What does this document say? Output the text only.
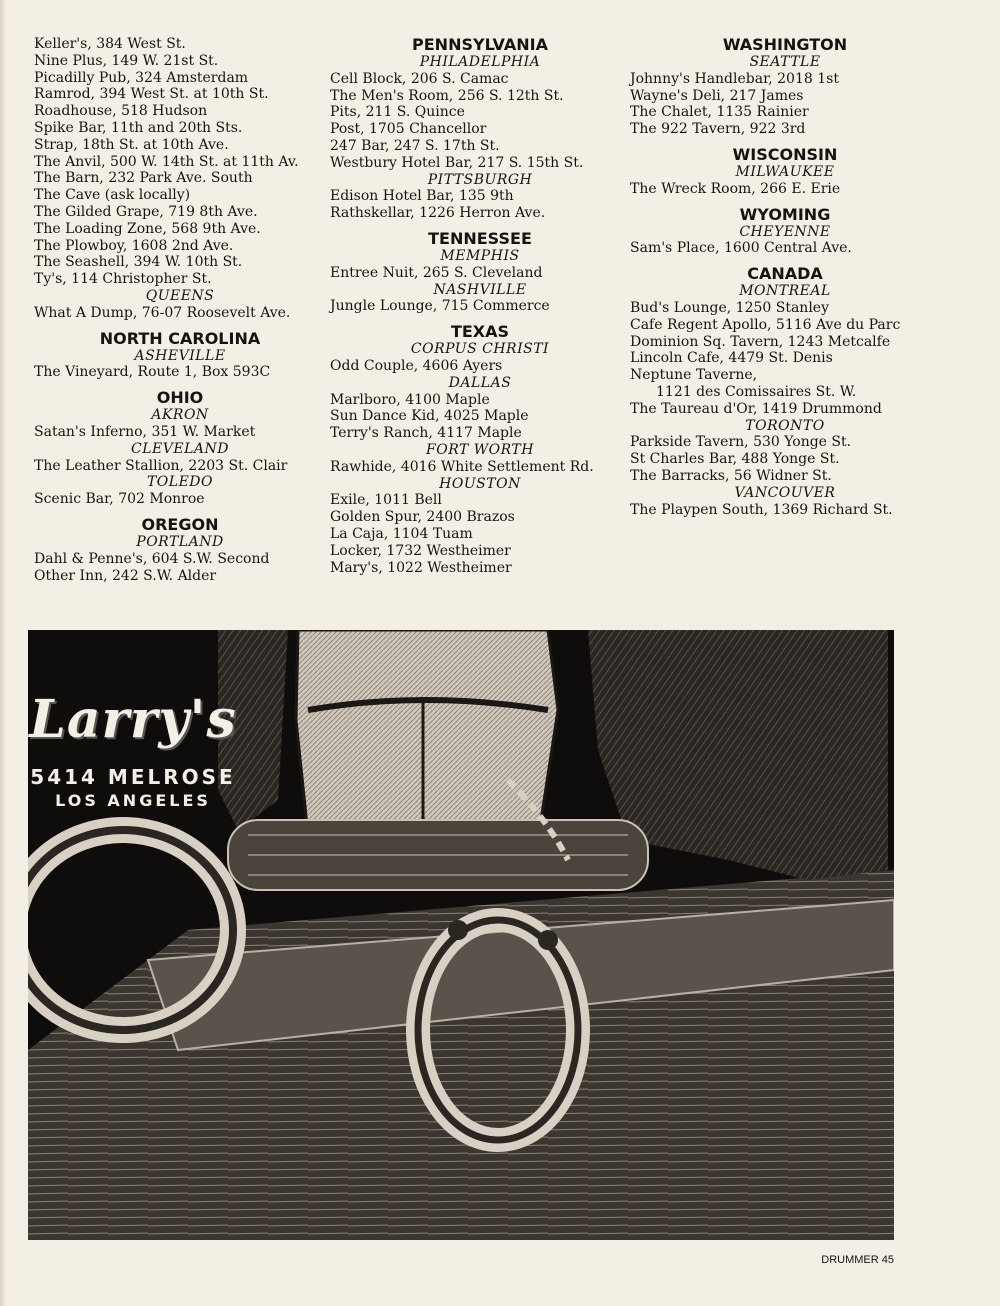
Keller's, 384 West St.
Nine Plus, 149 W. 21st St.
Picadilly Pub, 324 Amsterdam
Ramrod, 394 West St. at 10th St.
Roadhouse, 518 Hudson
Spike Bar, 11th and 20th Sts.
Strap, 18th St. at 10th Ave.
The Anvil, 500 W. 14th St. at 11th Av.
The Barn, 232 Park Ave. South
The Cave (ask locally)
The Gilded Grape, 719 8th Ave.
The Loading Zone, 568 9th Ave.
The Plowboy, 1608 2nd Ave.
The Seashell, 394 W. 10th St.
Ty's, 114 Christopher St.
QUEENS
What A Dump, 76-07 Roosevelt Ave.
NORTH CAROLINA
ASHEVILLE
The Vineyard, Route 1, Box 593C
OHIO
AKRON
Satan's Inferno, 351 W. Market
CLEVELAND
The Leather Stallion, 2203 St. Clair
TOLEDO
Scenic Bar, 702 Monroe
OREGON
PORTLAND
Dahl & Penne's, 604 S.W. Second
Other Inn, 242 S.W. Alder
PENNSYLVANIA
PHILADELPHIA
Cell Block, 206 S. Camac
The Men's Room, 256 S. 12th St.
Pits, 211 S. Quince
Post, 1705 Chancellor
247 Bar, 247 S. 17th St.
Westbury Hotel Bar, 217 S. 15th St.
PITTSBURGH
Edison Hotel Bar, 135 9th
Rathskellar, 1226 Herron Ave.
TENNESSEE
MEMPHIS
Entree Nuit, 265 S. Cleveland
NASHVILLE
Jungle Lounge, 715 Commerce
TEXAS
CORPUS CHRISTI
Odd Couple, 4606 Ayers
DALLAS
Marlboro, 4100 Maple
Sun Dance Kid, 4025 Maple
Terry's Ranch, 4117 Maple
FORT WORTH
Rawhide, 4016 White Settlement Rd.
HOUSTON
Exile, 1011 Bell
Golden Spur, 2400 Brazos
La Caja, 1104 Tuam
Locker, 1732 Westheimer
Mary's, 1022 Westheimer
WASHINGTON
SEATTLE
Johnny's Handlebar, 2018 1st
Wayne's Deli, 217 James
The Chalet, 1135 Rainier
The 922 Tavern, 922 3rd
WISCONSIN
MILWAUKEE
The Wreck Room, 266 E. Erie
WYOMING
CHEYENNE
Sam's Place, 1600 Central Ave.
CANADA
MONTREAL
Bud's Lounge, 1250 Stanley
Cafe Regent Apollo, 5116 Ave du Parc
Dominion Sq. Tavern, 1243 Metcalfe
Lincoln Cafe, 4479 St. Denis
Neptune Taverne,
1121 des Comissaires St. W.
The Taureau d'Or, 1419 Drummond
TORONTO
Parkside Tavern, 530 Yonge St.
St Charles Bar, 488 Yonge St.
The Barracks, 56 Widner St.
VANCOUVER
The Playpen South, 1369 Richard St.
Larry's
5414 MELROSE
LOS ANGELES
DRUMMER 45
